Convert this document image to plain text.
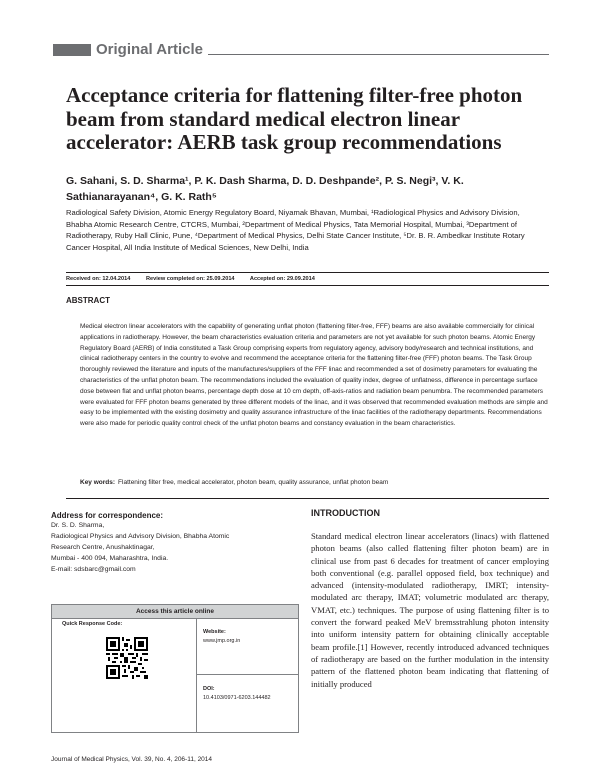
Original Article
Acceptance criteria for flattening filter-free photon beam from standard medical electron linear accelerator: AERB task group recommendations
G. Sahani, S. D. Sharma¹, P. K. Dash Sharma, D. D. Deshpande², P. S. Negi³, V. K. Sathianarayanan⁴, G. K. Rath⁵
Radiological Safety Division, Atomic Energy Regulatory Board, Niyamak Bhavan, Mumbai, ¹Radiological Physics and Advisory Division, Bhabha Atomic Research Centre, CTCRS, Mumbai, ²Department of Medical Physics, Tata Memorial Hospital, Mumbai, ³Department of Radiotherapy, Ruby Hall Clinic, Pune, ⁴Department of Medical Physics, Delhi State Cancer Institute, ⁵Dr. B. R. Ambedkar Institute Rotary Cancer Hospital, All India Institute of Medical Sciences, New Delhi, India
Received on: 12.04.2014	Review completed on: 25.09.2014	Accepted on: 29.09.2014
ABSTRACT
Medical electron linear accelerators with the capability of generating unflat photon (flattening filter-free, FFF) beams are also available commercially for clinical applications in radiotherapy. However, the beam characteristics evaluation criteria and parameters are not yet available for such photon beams. Atomic Energy Regulatory Board (AERB) of India constituted a Task Group comprising experts from regulatory agency, advisory body/research and technical institutions, and clinical radiotherapy centers in the country to evolve and recommend the acceptance criteria for the flattening filter-free (FFF) photon beams. The Task Group thoroughly reviewed the literature and inputs of the manufactures/suppliers of the FFF linac and recommended a set of dosimetry parameters for evaluating the characteristics of the unflat photon beam. The recommendations included the evaluation of quality index, degree of unflatness, difference in percentage surface dose between flat and unflat photon beams, percentage depth dose at 10 cm depth, off-axis-ratios and radiation beam penumbra. The recommended parameters were evaluated for FFF photon beams generated by three different models of the linac, and it was observed that recommended evaluation methods are simple and easy to be implemented with the existing dosimetry and quality assurance infrastructure of the linac facilities of the radiotherapy departments. Recommendations were also made for periodic quality control check of the unflat photon beams and constancy evaluation in the beam characteristics.
Key words: Flattening filter free, medical accelerator, photon beam, quality assurance, unflat photon beam
Address for correspondence:
Dr. S. D. Sharma,
Radiological Physics and Advisory Division, Bhabha Atomic
Research Centre, Anushaktinagar,
Mumbai - 400 094, Maharashtra, India.
E-mail: sdsbarc@gmail.com
Access this article online
Quick Response Code:
Website:
www.jmp.org.in
DOI:
10.4103/0971-6203.144482
INTRODUCTION
Standard medical electron linear accelerators (linacs) with flattened photon beams (also called flattening filter photon beam) are in clinical use from past 6 decades for treatment of cancer employing both conventional (e.g. parallel opposed field, box technique) and advanced (intensity-modulated radiotherapy, IMRT; intensity-modulated arc therapy, IMAT; volumetric modulated arc therapy, VMAT, etc.) techniques. The purpose of using flattening filter is to convert the forward peaked MeV bremsstrahlung photon intensity into uniform intensity pattern for obtaining clinically acceptable beam profile.[1] However, recently introduced advanced techniques of radiotherapy are based on the further modulation in the intensity pattern of the flattened photon beam indicating that flattening of initially produced
Journal of Medical Physics, Vol. 39, No. 4, 206-11, 2014
